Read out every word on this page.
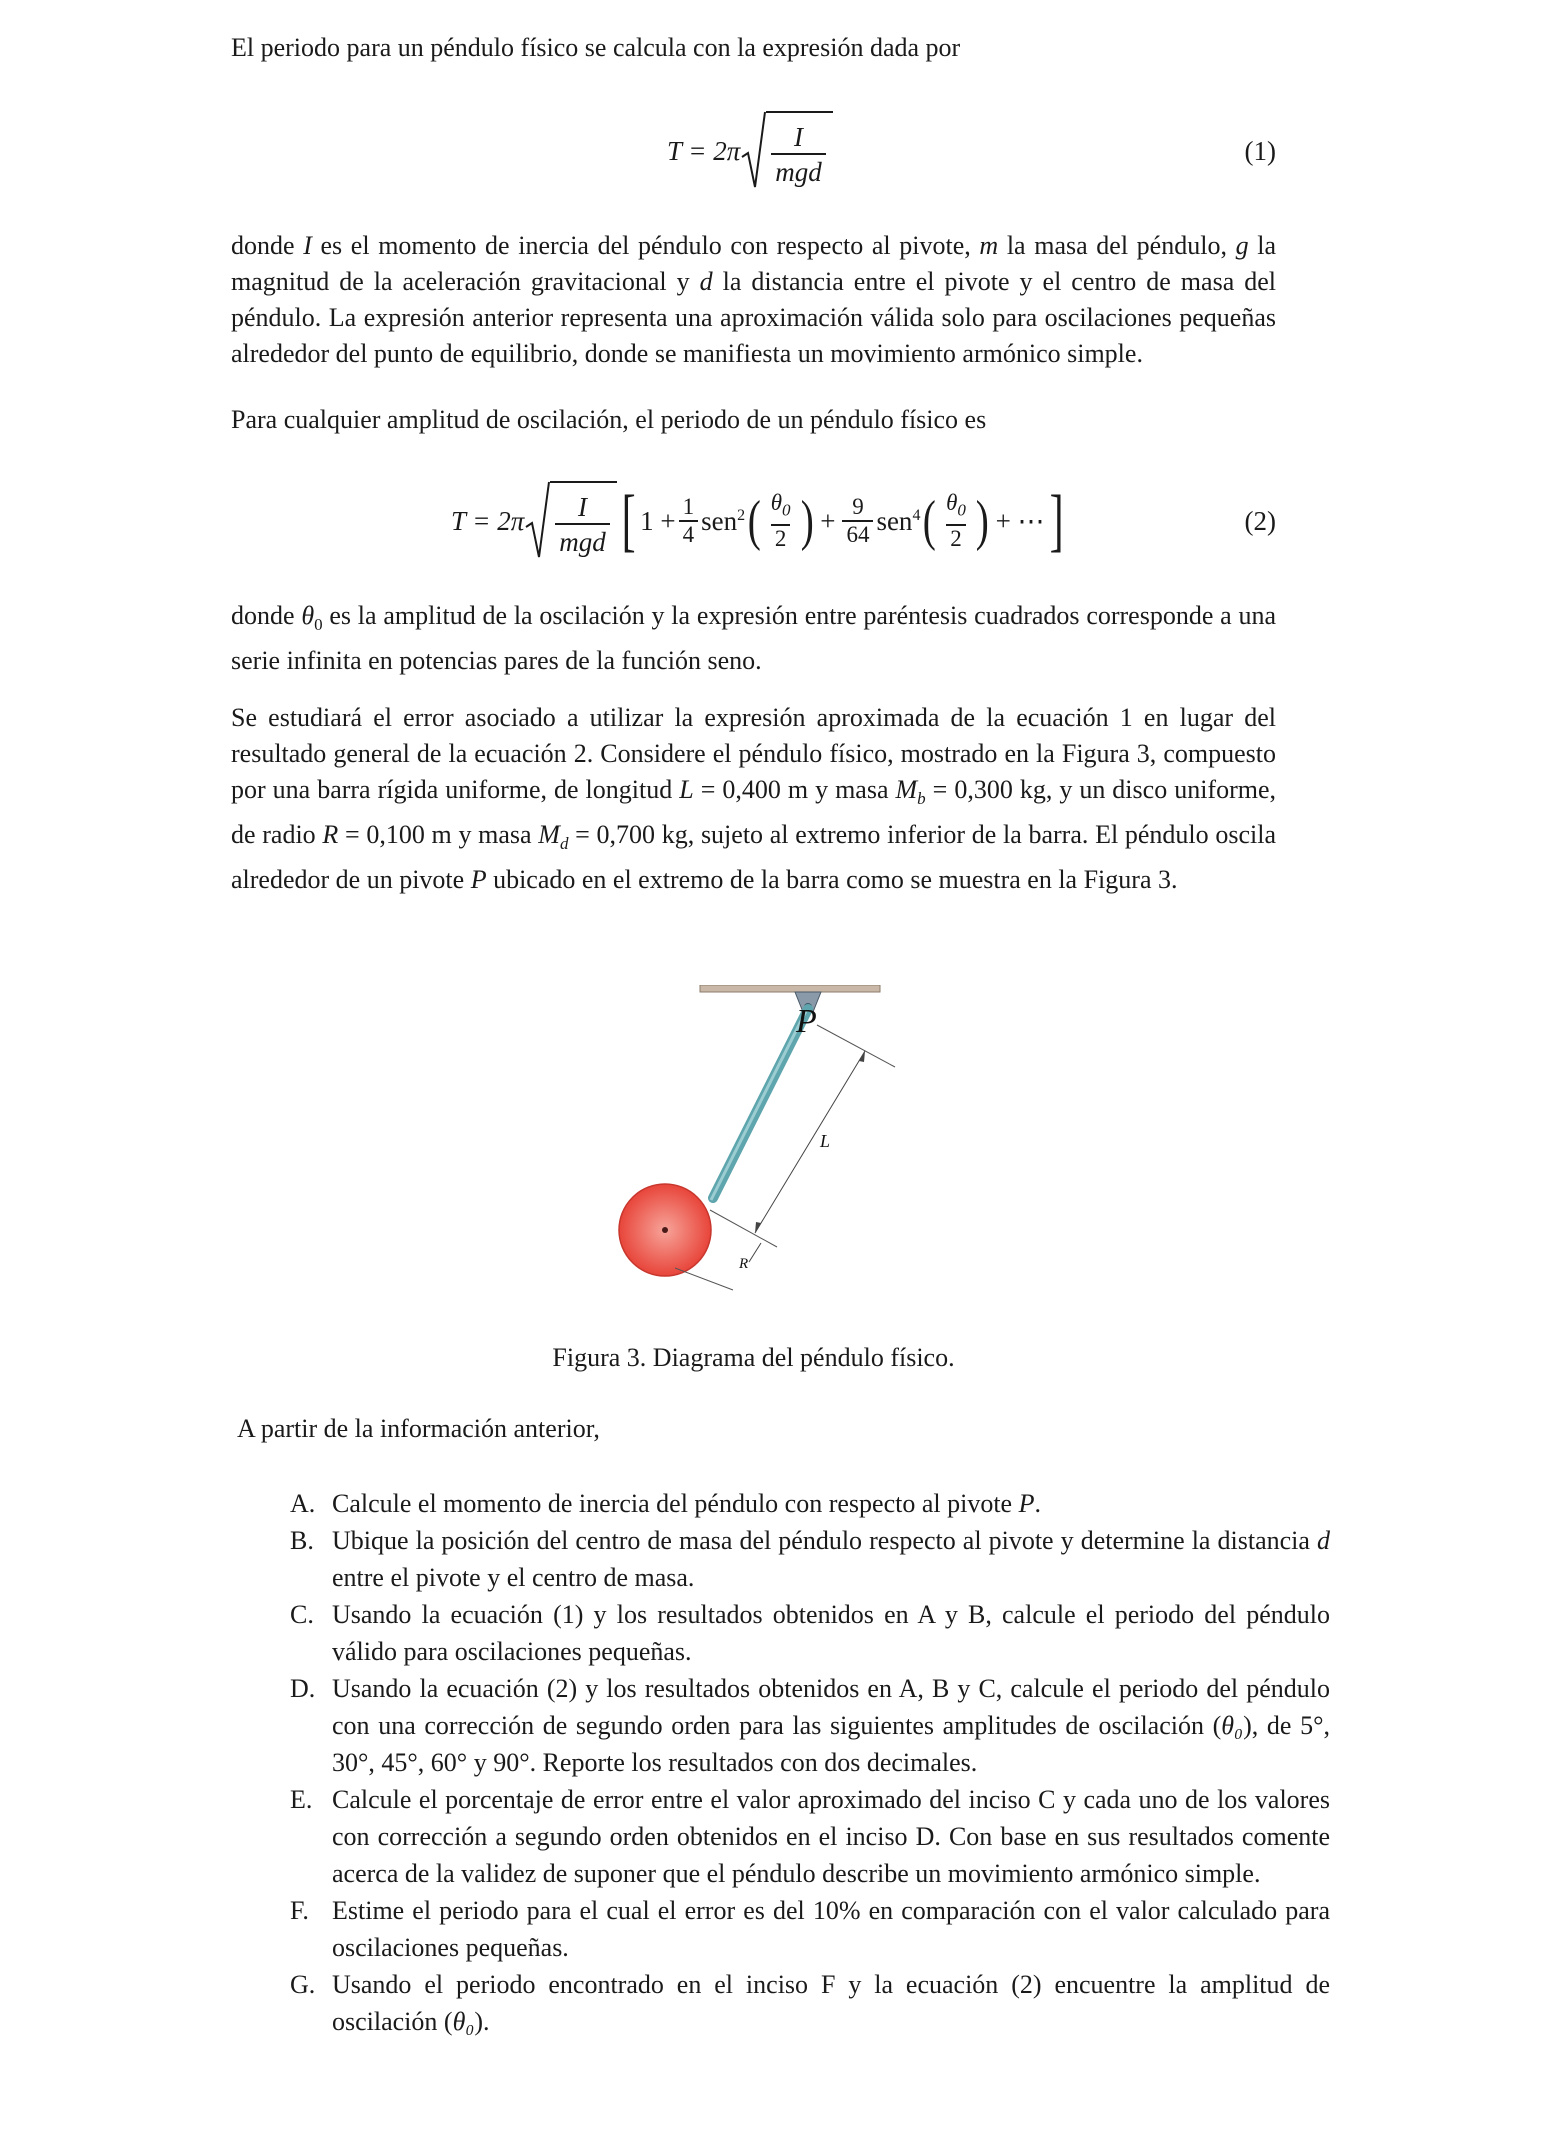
El periodo para un péndulo físico se calcula con la expresión dada por

$T = 2\pi \frac{I}{\text{mgd}}$	(1)

donde I es el momento de inercia del péndulo con respecto al pivote, m la masa del péndulo, g la magnitud de la aceleración gravitacional y d la distancia entre el pivote y el centro de masa del péndulo. La expresión anterior representa una aproximación válida solo para oscilaciones pequeñas alrededor del punto de equilibrio, donde se manifiesta un movimiento armónico simple.

Para cualquier amplitud de oscilación, el periodo de un péndulo físico es

$T = 2\pi \frac{I}{\text{mgd}}$ [ $1 + \frac{1}{4} sen^2$ ( $\frac{\theta_0}{2}$ ) + $\frac{9}{64} sen^4$ ( $\frac{\theta_0}{2}$ ) + ⋯ ]	(2)

donde $\theta_0$ es la amplitud de la oscilación y la expresión entre paréntesis cuadrados corresponde a una serie infinita en potencias pares de la función seno.

Se estudiará el error asociado a utilizar la expresión aproximada de la ecuación 1 en lugar del resultado general de la ecuación 2. Considere el péndulo físico, mostrado en la Figura 3, compuesto por una barra rígida uniforme, de longitud L = 0,400 m y masa $M_b = 0,300$ kg, y un disco uniforme, de radio R = 0,100 m y masa $M_d = 0,700$ kg, sujeto al extremo inferior de la barra. El péndulo oscila alrededor de un pivote P ubicado en el extremo de la barra como se muestra en la Figura 3.

P
L
R
Figura 3. Diagrama del péndulo físico.
A partir de la información anterior,
A. Calcule el momento de inercia del péndulo con respecto al pivote P.
B. Ubique la posición del centro de masa del péndulo respecto al pivote y determine la distancia d entre el pivote y el centro de masa.
C. Usando la ecuación (1) y los resultados obtenidos en A y B, calcule el periodo del péndulo válido para oscilaciones pequeñas.
D. Usando la ecuación (2) y los resultados obtenidos en A, B y C, calcule el periodo del péndulo con una corrección de segundo orden para las siguientes amplitudes de oscilación (θ₀), de 5°, 30°, 45°, 60° y 90°. Reporte los resultados con dos decimales.
E. Calcule el porcentaje de error entre el valor aproximado del inciso C y cada uno de los valores con corrección a segundo orden obtenidos en el inciso D. Con base en sus resultados comente acerca de la validez de suponer que el péndulo describe un movimiento armónico simple.
F. Estime el periodo para el cual el error es del 10% en comparación con el valor calculado para oscilaciones pequeñas.
G. Usando el periodo encontrado en el inciso F y la ecuación (2) encuentre la amplitud de oscilación (θ₀).
